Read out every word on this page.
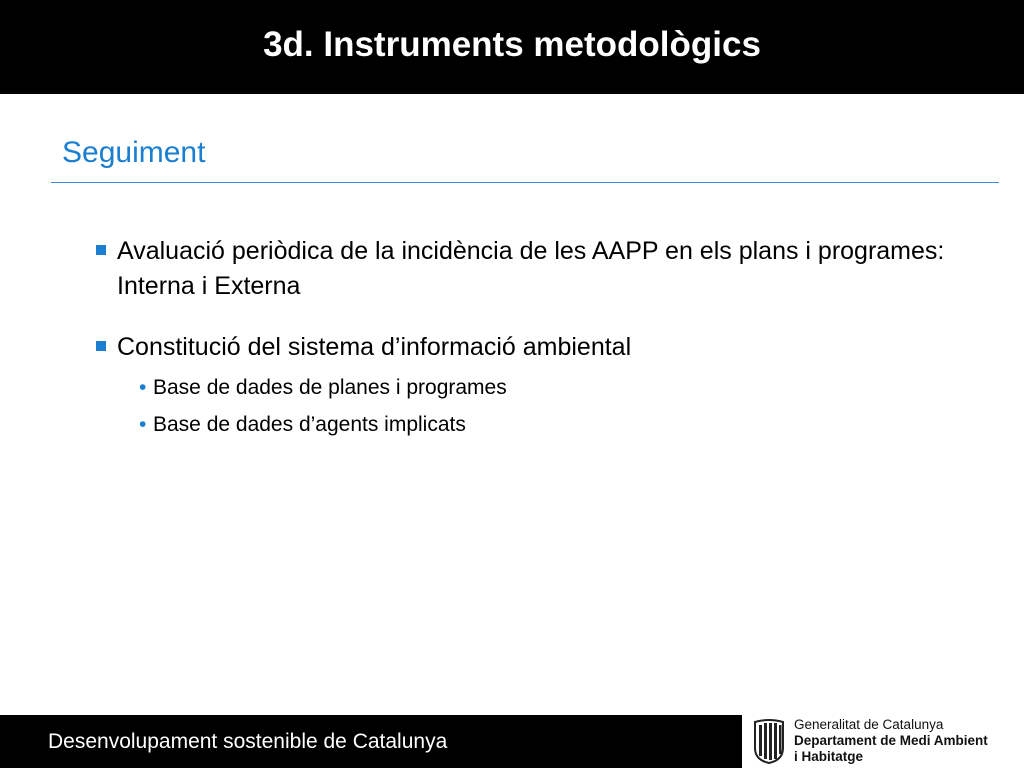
3d. Instruments metodològics
Seguiment
Avaluació periòdica de la incidència de les AAPP en els plans i programes: Interna i Externa
Constitució del sistema d’informació ambiental
• Base de dades de planes i programes
• Base de dades d’agents implicats
Desenvolupament sostenible de Catalunya
Generalitat de Catalunya
Departament de Medi Ambient
i Habitatge
